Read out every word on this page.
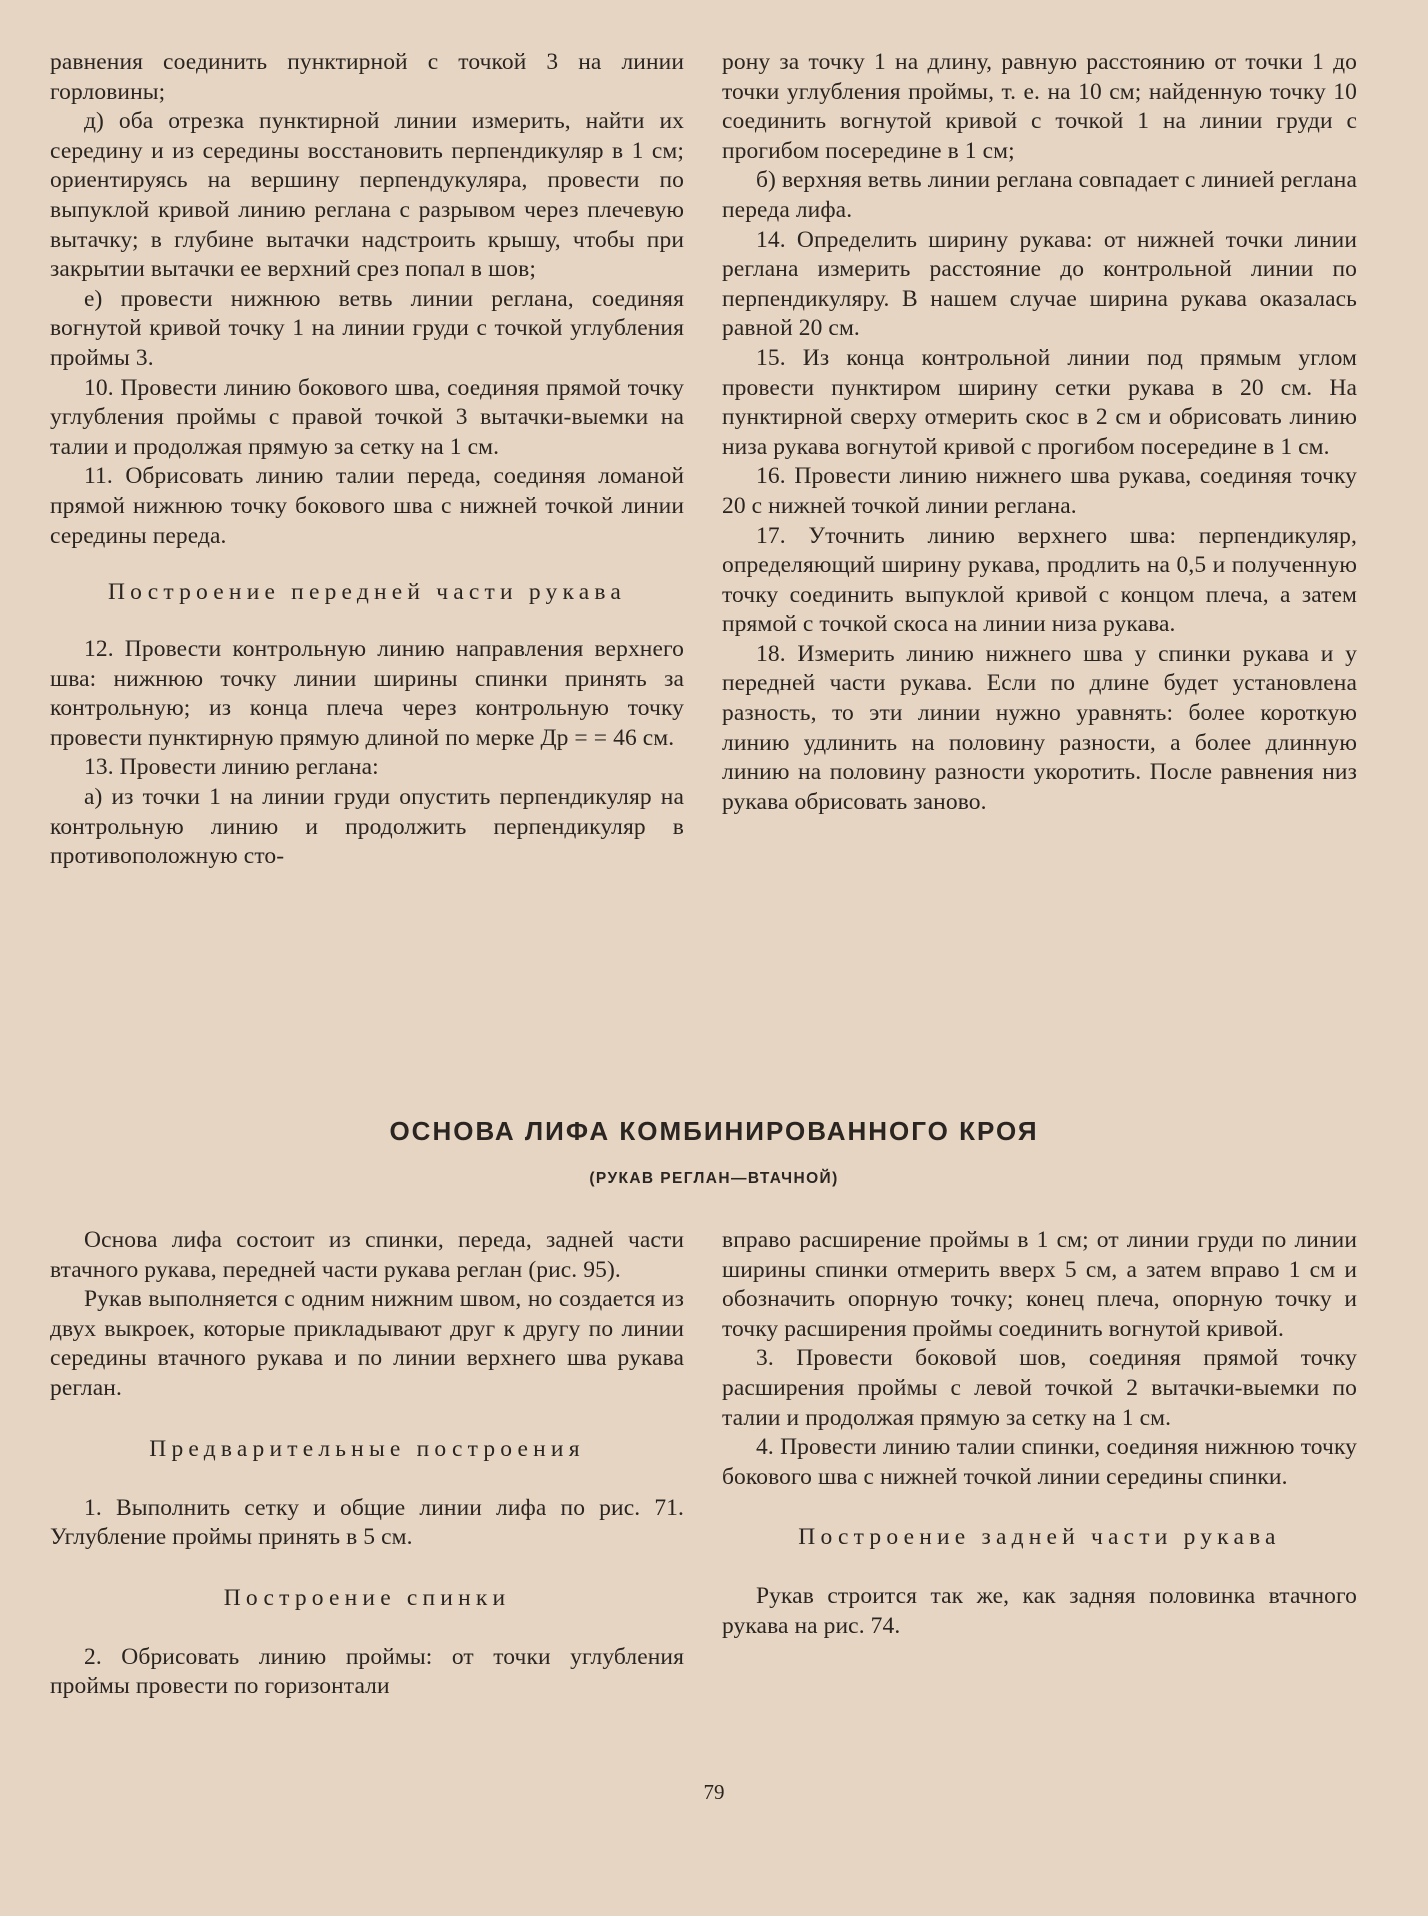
равнения соединить пунктирной с точкой 3 на линии горловины;

д) оба отрезка пунктирной линии измерить, найти их середину и из середины восстановить перпендикуляр в 1 см; ориентируясь на вершину перпендукуляра, провести по выпуклой кривой линию реглана с разрывом через плечевую вытачку; в глубине вытачки надстроить крышу, чтобы при закрытии вытачки ее верхний срез попал в шов;

е) провести нижнюю ветвь линии реглана, соединяя вогнутой кривой точку 1 на линии груди с точкой углубления проймы 3.

10. Провести линию бокового шва, соединяя прямой точку углубления проймы с правой точкой 3 вытачки-выемки на талии и продолжая прямую за сетку на 1 см.

11. Обрисовать линию талии переда, соединяя ломаной прямой нижнюю точку бокового шва с нижней точкой линии середины переда.

Построение передней части рукава

12. Провести контрольную линию направления верхнего шва: нижнюю точку линии ширины спинки принять за контрольную; из конца плеча через контрольную точку провести пунктирную прямую длиной по мерке Др = = 46 см.

13. Провести линию реглана:

а) из точки 1 на линии груди опустить перпендикуляр на контрольную линию и продолжить перпендикуляр в противоположную сто-

рону за точку 1 на длину, равную расстоянию от точки 1 до точки углубления проймы, т. е. на 10 см; найденную точку 10 соединить вогнутой кривой с точкой 1 на линии груди с прогибом посередине в 1 см;

б) верхняя ветвь линии реглана совпадает с линией реглана переда лифа.

14. Определить ширину рукава: от нижней точки линии реглана измерить расстояние до контрольной линии по перпендикуляру. В нашем случае ширина рукава оказалась равной 20 см.

15. Из конца контрольной линии под прямым углом провести пунктиром ширину сетки рукава в 20 см. На пунктирной сверху отмерить скос в 2 см и обрисовать линию низа рукава вогнутой кривой с прогибом посередине в 1 см.

16. Провести линию нижнего шва рукава, соединяя точку 20 с нижней точкой линии реглана.

17. Уточнить линию верхнего шва: перпендикуляр, определяющий ширину рукава, продлить на 0,5 и полученную точку соединить выпуклой кривой с концом плеча, а затем прямой с точкой скоса на линии низа рукава.

18. Измерить линию нижнего шва у спинки рукава и у передней части рукава. Если по длине будет установлена разность, то эти линии нужно уравнять: более короткую линию удлинить на половину разности, а более длинную линию на половину разности укоротить. После равнения низ рукава обрисовать заново.

ОСНОВА ЛИФА КОМБИНИРОВАННОГО КРОЯ
(РУКАВ РЕГЛАН—ВТАЧНОЙ)

Основа лифа состоит из спинки, переда, задней части втачного рукава, передней части рукава реглан (рис. 95).

Рукав выполняется с одним нижним швом, но создается из двух выкроек, которые прикладывают друг к другу по линии середины втачного рукава и по линии верхнего шва рукава реглан.

Предварительные построения

1. Выполнить сетку и общие линии лифа по рис. 71. Углубление проймы принять в 5 см.

Построение спинки

2. Обрисовать линию проймы: от точки углубления проймы провести по горизонтали

вправо расширение проймы в 1 см; от линии груди по линии ширины спинки отмерить вверх 5 см, а затем вправо 1 см и обозначить опорную точку; конец плеча, опорную точку и точку расширения проймы соединить вогнутой кривой.

3. Провести боковой шов, соединяя прямой точку расширения проймы с левой точкой 2 вытачки-выемки по талии и продолжая прямую за сетку на 1 см.

4. Провести линию талии спинки, соединяя нижнюю точку бокового шва с нижней точкой линии середины спинки.

Построение задней части рукава

Рукав строится так же, как задняя половинка втачного рукава на рис. 74.

79
